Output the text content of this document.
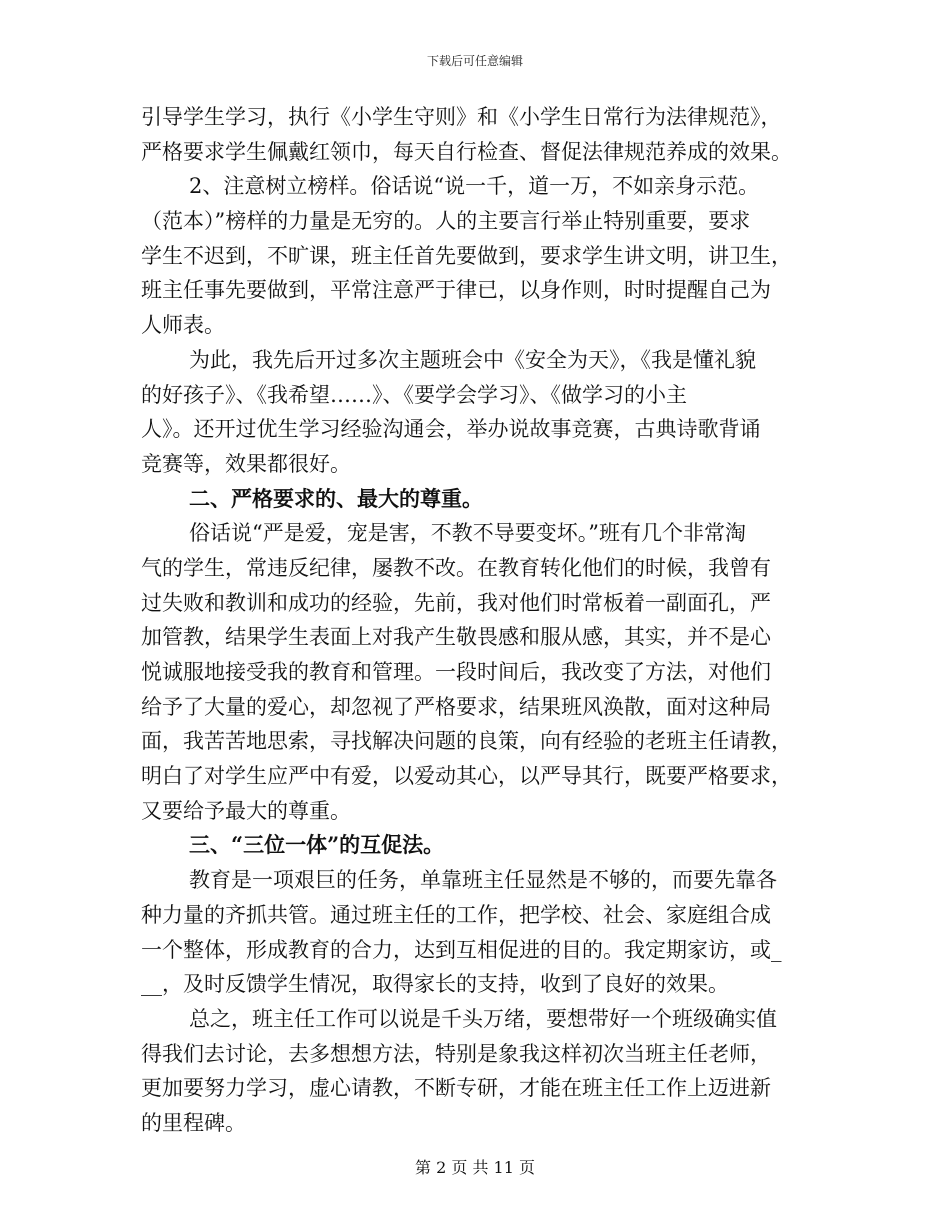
下载后可任意编辑
引导学生学习，执行《小学生守则》和《小学生日常行为法律规范》，
严格要求学生佩戴红领巾，每天自行检查、督促法律规范养成的效果。
2、注意树立榜样。俗话说“说一千，道一万，不如亲身示范。
（范本）”榜样的力量是无穷的。人的主要言行举止特别重要，要求
学生不迟到，不旷课，班主任首先要做到，要求学生讲文明，讲卫生，
班主任事先要做到，平常注意严于律已，以身作则，时时提醒自己为
人师表。
为此，我先后开过多次主题班会中《安全为天》，《我是懂礼貌
的好孩子》、《我希望……》、《要学会学习》、《做学习的小主
人》。还开过优生学习经验沟通会，举办说故事竞赛，古典诗歌背诵
竞赛等，效果都很好。
二、严格要求的、最大的尊重。
俗话说“严是爱，宠是害，不教不导要变坏。”班有几个非常淘
气的学生，常违反纪律，屡教不改。在教育转化他们的时候，我曾有
过失败和教训和成功的经验，先前，我对他们时常板着一副面孔，严
加管教，结果学生表面上对我产生敬畏感和服从感，其实，并不是心
悦诚服地接受我的教育和管理。一段时间后，我改变了方法，对他们
给予了大量的爱心，却忽视了严格要求，结果班风涣散，面对这种局
面，我苦苦地思索，寻找解决问题的良策，向有经验的老班主任请教，
明白了对学生应严中有爱，以爱动其心，以严导其行，既要严格要求，
又要给予最大的尊重。
三、“三位一体”的互促法。
教育是一项艰巨的任务，单靠班主任显然是不够的，而要先靠各
种力量的齐抓共管。通过班主任的工作，把学校、社会、家庭组合成
一个整体，形成教育的合力，达到互相促进的目的。我定期家访，或_
__，及时反馈学生情况，取得家长的支持，收到了良好的效果。
总之，班主任工作可以说是千头万绪，要想带好一个班级确实值
得我们去讨论，去多想想方法，特别是象我这样初次当班主任老师，
更加要努力学习，虚心请教，不断专研，才能在班主任工作上迈进新
的里程碑。
第 2 页 共 11 页
